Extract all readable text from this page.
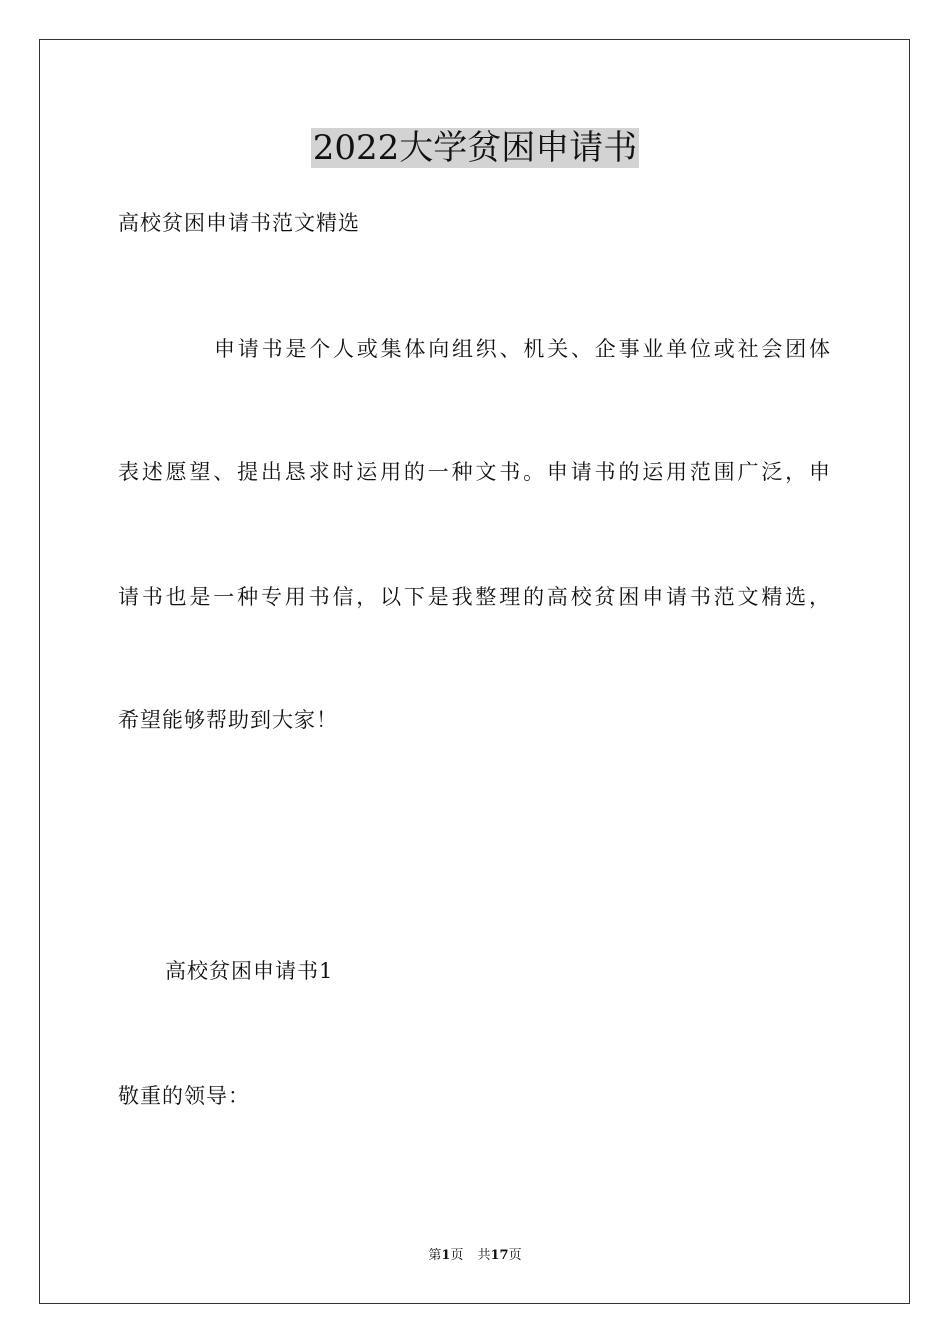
2022大学贫困申请书
高校贫困申请书范文精选
申请书是个人或集体向组织、机关、企事业单位或社会团体
表述愿望、提出恳求时运用的一种文书。申请书的运用范围广泛，申
请书也是一种专用书信，以下是我整理的高校贫困申请书范文精选，
希望能够帮助到大家！
高校贫困申请书1
敬重的领导：
第1页 共17页
